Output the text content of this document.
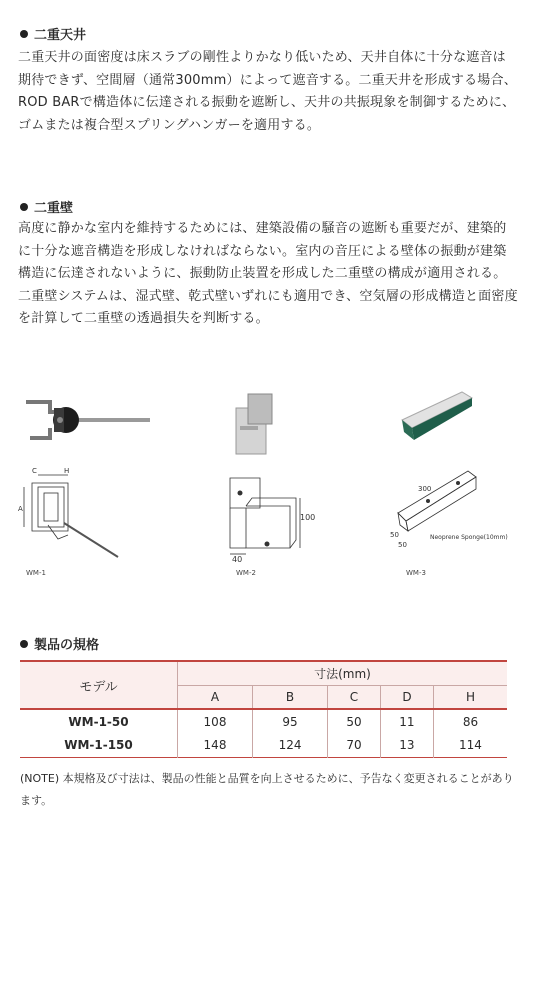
二重天井
二重天井の面密度は床スラブの剛性よりかなり低いため、天井自体に十分な遮音は期待できず、空間層（通常300mm）によって遮音する。二重天井を形成する場合、ROD BARで構造体に伝達される振動を遮断し、天井の共振現象を制御するために、ゴムまたは複合型スプリングハンガーを適用する。
二重壁
高度に静かな室内を維持するためには、建築設備の騒音の遮断も重要だが、建築的に十分な遮音構造を形成しなければならない。室内の音圧による壁体の振動が建築構造に伝達されないように、振動防止装置を形成した二重壁の構成が適用される。二重壁システムは、湿式壁、乾式壁いずれにも適用でき、空気層の形成構造と面密度を計算して二重壁の透過損失を判断する。
C	H
A
WM-1
100
40
WM-2
300
50
50
Neoprene Sponge(10mm)
WM-3
製品の規格
モデル	寸法(mm)				
	A	B	C	D	H
WM-1-50	108	95	50	11	86
WM-1-150	148	124	70	13	114
(NOTE) 本規格及び寸法は、製品の性能と品質を向上させるために、予告なく変更されることがあります。
